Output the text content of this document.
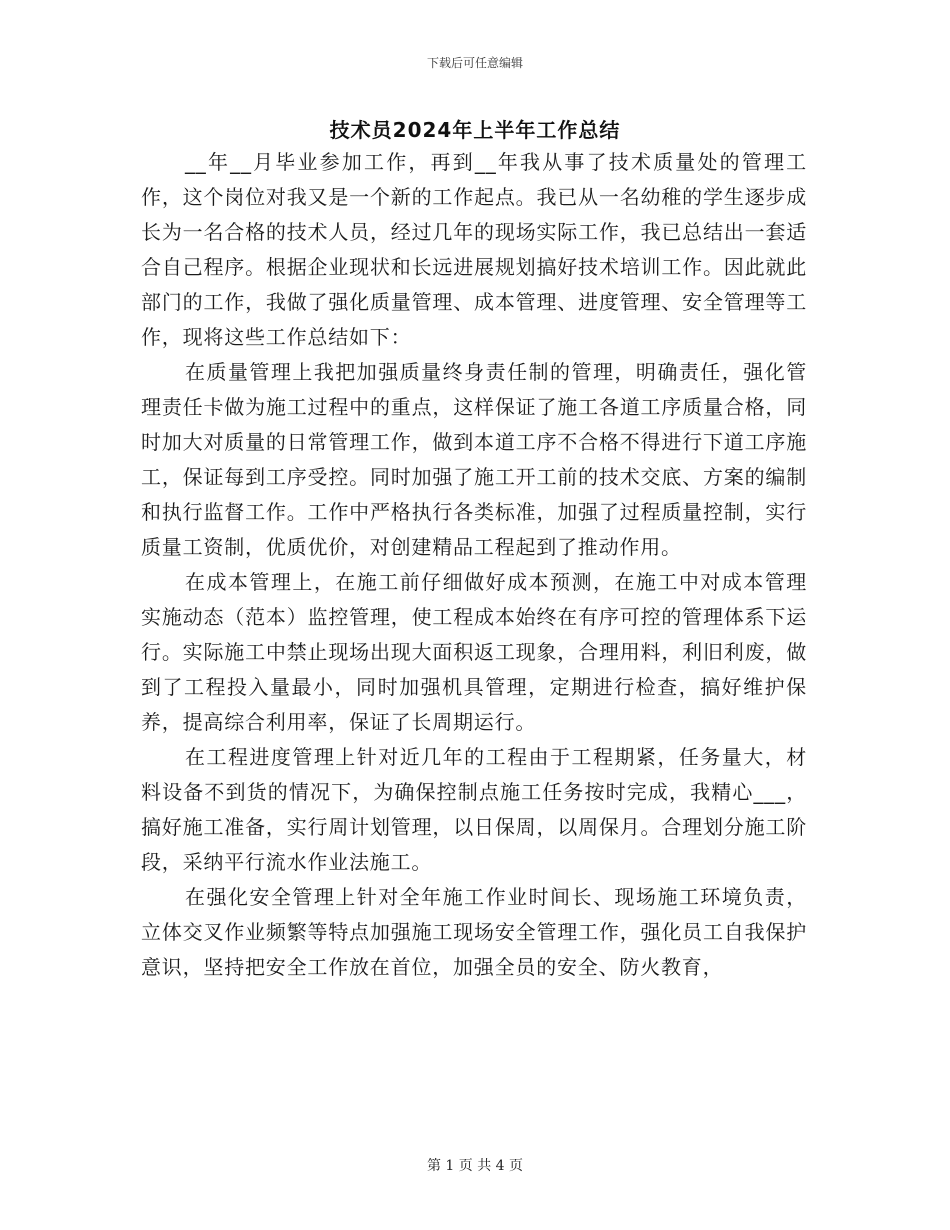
下载后可任意编辑
技术员2024年上半年工作总结

__年__月毕业参加工作，再到__年我从事了技术质量处的管理工作，这个岗位对我又是一个新的工作起点。我已从一名幼稚的学生逐步成长为一名合格的技术人员，经过几年的现场实际工作，我已总结出一套适合自己程序。根据企业现状和长远进展规划搞好技术培训工作。因此就此部门的工作，我做了强化质量管理、成本管理、进度管理、安全管理等工作，现将这些工作总结如下：

在质量管理上我把加强质量终身责任制的管理，明确责任，强化管理责任卡做为施工过程中的重点，这样保证了施工各道工序质量合格，同时加大对质量的日常管理工作，做到本道工序不合格不得进行下道工序施工，保证每到工序受控。同时加强了施工开工前的技术交底、方案的编制和执行监督工作。工作中严格执行各类标准，加强了过程质量控制，实行质量工资制，优质优价，对创建精品工程起到了推动作用。

在成本管理上，在施工前仔细做好成本预测，在施工中对成本管理实施动态（范本）监控管理，使工程成本始终在有序可控的管理体系下运行。实际施工中禁止现场出现大面积返工现象，合理用料，利旧利废，做到了工程投入量最小，同时加强机具管理，定期进行检查，搞好维护保养，提高综合利用率，保证了长周期运行。

在工程进度管理上针对近几年的工程由于工程期紧，任务量大，材料设备不到货的情况下，为确保控制点施工任务按时完成，我精心___，搞好施工准备，实行周计划管理，以日保周，以周保月。合理划分施工阶段，采纳平行流水作业法施工。

在强化安全管理上针对全年施工作业时间长、现场施工环境负责，立体交叉作业频繁等特点加强施工现场安全管理工作，强化员工自我保护意识，坚持把安全工作放在首位，加强全员的安全、防火教育，

第 1 页 共 4 页
